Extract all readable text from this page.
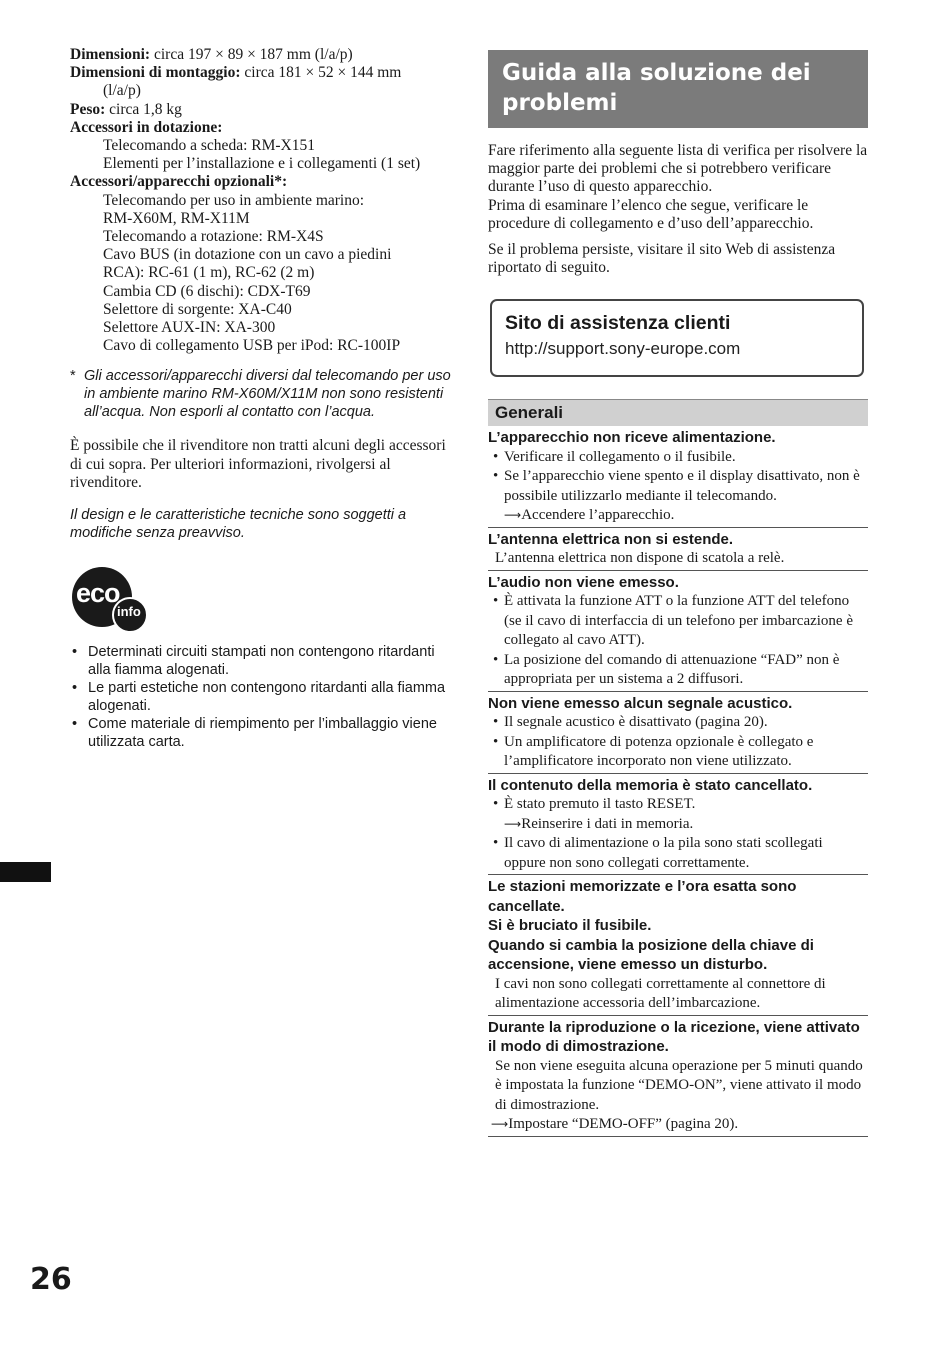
Dimensioni: circa 197 × 89 × 187 mm (l/a/p)
Dimensioni di montaggio: circa 181 × 52 × 144 mm
(l/a/p)
Peso: circa 1,8 kg
Accessori in dotazione:
Telecomando a scheda: RM-X151
Elementi per l’installazione e i collegamenti (1 set)
Accessori/apparecchi opzionali*:
Telecomando per uso in ambiente marino:
RM-X60M, RM-X11M
Telecomando a rotazione: RM-X4S
Cavo BUS (in dotazione con un cavo a piedini
RCA): RC-61 (1 m), RC-62 (2 m)
Cambia CD (6 dischi): CDX-T69
Selettore di sorgente: XA-C40
Selettore AUX-IN: XA-300
Cavo di collegamento USB per iPod: RC-100IP
* Gli accessori/apparecchi diversi dal telecomando per uso in ambiente marino RM-X60M/X11M non sono resistenti all’acqua. Non esporli al contatto con l’acqua.
È possibile che il rivenditore non tratti alcuni degli accessori di cui sopra. Per ulteriori informazioni, rivolgersi al rivenditore.
Il design e le caratteristiche tecniche sono soggetti a modifiche senza preavviso.
eco
info
• Determinati circuiti stampati non contengono ritardanti alla fiamma alogenati.
• Le parti estetiche non contengono ritardanti alla fiamma alogenati.
• Come materiale di riempimento per l’imballaggio viene utilizzata carta.
Guida alla soluzione dei
problemi

Fare riferimento alla seguente lista di verifica per risolvere la maggior parte dei problemi che si potrebbero verificare durante l’uso di questo apparecchio.

Prima di esaminare l’elenco che segue, verificare le procedure di collegamento e d’uso dell’apparecchio.

Se il problema persiste, visitare il sito Web di assistenza riportato di seguito.

Sito di assistenza clienti
http://support.sony-europe.com
Generali
L’apparecchio non riceve alimentazione.
• Verificare il collegamento o il fusibile.
• Se l’apparecchio viene spento e il display disattivato, non è possibile utilizzarlo mediante il telecomando.
⟶Accendere l’apparecchio.
L’antenna elettrica non si estende.
L’antenna elettrica non dispone di scatola a relè.
L’audio non viene emesso.
• È attivata la funzione ATT o la funzione ATT del telefono (se il cavo di interfaccia di un telefono per imbarcazione è collegato al cavo ATT).
• La posizione del comando di attenuazione “FAD” non è appropriata per un sistema a 2 diffusori.
Non viene emesso alcun segnale acustico.
• Il segnale acustico è disattivato (pagina 20).
• Un amplificatore di potenza opzionale è collegato e l’amplificatore incorporato non viene utilizzato.
Il contenuto della memoria è stato cancellato.
• È stato premuto il tasto RESET.
⟶Reinserire i dati in memoria.
• Il cavo di alimentazione o la pila sono stati scollegati oppure non sono collegati correttamente.
Le stazioni memorizzate e l’ora esatta sono cancellate.
Si è bruciato il fusibile.
Quando si cambia la posizione della chiave di accensione, viene emesso un disturbo.
I cavi non sono collegati correttamente al connettore di alimentazione accessoria dell’imbarcazione.
Durante la riproduzione o la ricezione, viene attivato il modo di dimostrazione.
Se non viene eseguita alcuna operazione per 5 minuti quando è impostata la funzione “DEMO-ON”, viene attivato il modo di dimostrazione.
⟶Impostare “DEMO-OFF” (pagina 20).
26
